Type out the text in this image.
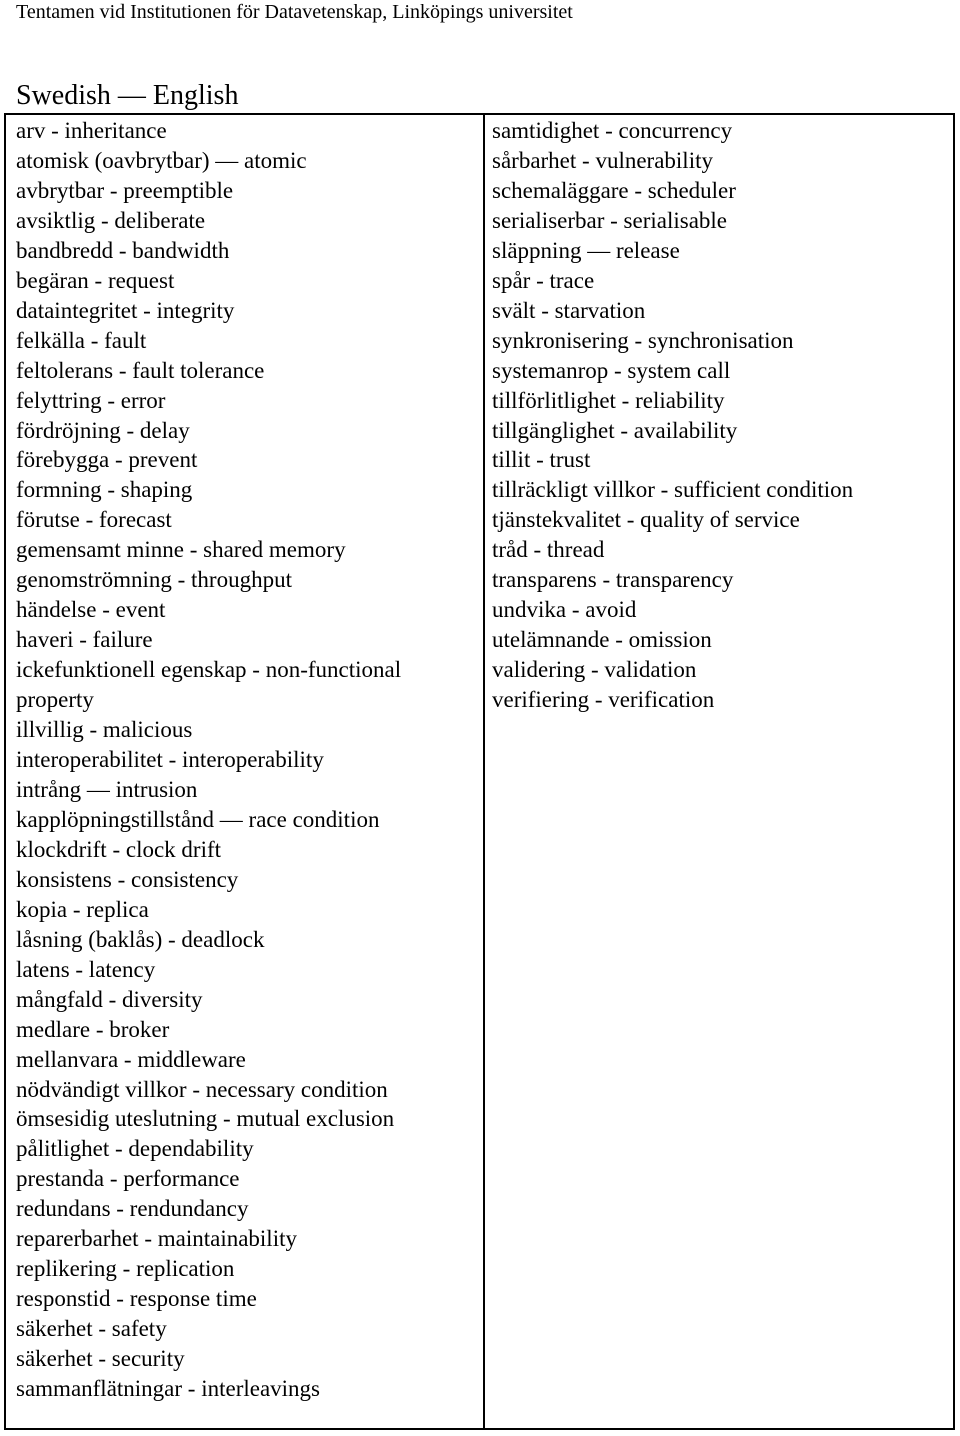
Tentamen vid Institutionen för Datavetenskap, Linköpings universitet
Swedish — English
arv - inheritance
atomisk (oavbrytbar) — atomic
avbrytbar - preemptible
avsiktlig - deliberate
bandbredd - bandwidth
begäran - request
dataintegritet - integrity
felkälla - fault
feltolerans - fault tolerance
felyttring - error
fördröjning - delay
förebygga - prevent
formning - shaping
förutse - forecast
gemensamt minne - shared memory
genomströmning - throughput
händelse - event
haveri - failure
ickefunktionell egenskap - non-functional property
illvillig - malicious
interoperabilitet - interoperability
intrång — intrusion
kapplöpningstillstånd — race condition
klockdrift - clock drift
konsistens - consistency
kopia - replica
låsning (baklås) - deadlock
latens - latency
mångfald - diversity
medlare - broker
mellanvara - middleware
nödvändigt villkor - necessary condition
ömsesidig uteslutning - mutual exclusion
pålitlighet - dependability
prestanda - performance
redundans - rendundancy
reparerbarhet - maintainability
replikering - replication
responstid - response time
säkerhet - safety
säkerhet - security
sammanflätningar - interleavings
samtidighet - concurrency
sårbarhet - vulnerability
schemaläggare - scheduler
serialiserbar - serialisable
släppning — release
spår - trace
svält - starvation
synkronisering - synchronisation
systemanrop - system call
tillförlitlighet - reliability
tillgänglighet - availability
tillit - trust
tillräckligt villkor - sufficient condition
tjänstekvalitet - quality of service
tråd - thread
transparens - transparency
undvika - avoid
utelämnande - omission
validering - validation
verifiering - verification
